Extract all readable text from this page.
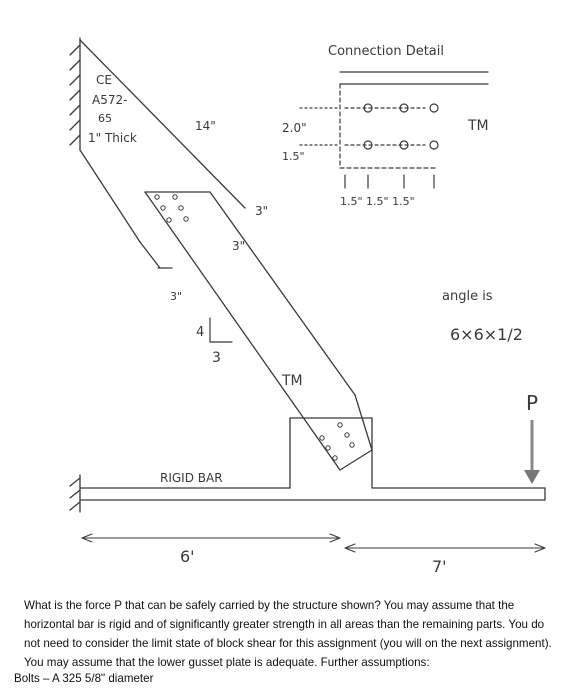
P
6'
7'
4
3
CE
A572-
65
1" Thick
14"
3"
3"
3"
RIGID BAR
TM
Connection Detail
2.0"
1.5"
1.5" 1.5" 1.5"
TM
angle is
6×6×1/2
What is the force P that can be safely carried by the structure shown? You may assume that the horizontal bar is rigid and of significantly greater strength in all areas than the remaining parts. You do not need to consider the limit state of block shear for this assignment (you will on the next assignment). You may assume that the lower gusset plate is adequate. Further assumptions:
Bolts – A 325 5/8" diameter
